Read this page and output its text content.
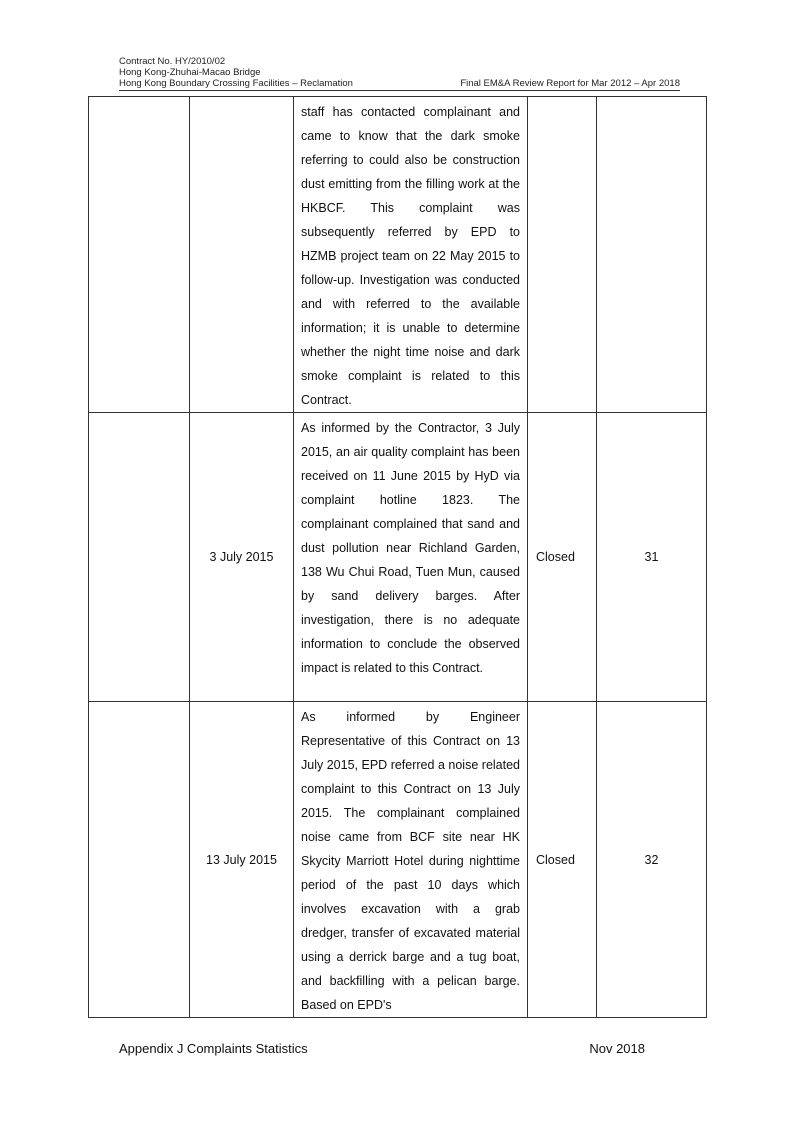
Contract No. HY/2010/02
Hong Kong-Zhuhai-Macao Bridge
Hong Kong Boundary Crossing Facilities – Reclamation	Final EM&A Review Report for Mar 2012 – Apr 2018

		staff has contacted complainant and came to know that the dark smoke referring to could also be construction dust emitting from the filling work at the HKBCF. This complaint was subsequently referred by EPD to HZMB project team on 22 May 2015 to follow-up. Investigation was conducted and with referred to the available information; it is unable to determine whether the night time noise and dark smoke complaint is related to this Contract.		

	3 July 2015	As informed by the Contractor, 3 July 2015, an air quality complaint has been received on 11 June 2015 by HyD via complaint hotline 1823. The complainant complained that sand and dust pollution near Richland Garden, 138 Wu Chui Road, Tuen Mun, caused by sand delivery barges. After investigation, there is no adequate information to conclude the observed impact is related to this Contract.	Closed	31
	13 July 2015	As informed by Engineer Representative of this Contract on 13 July 2015, EPD referred a noise related complaint to this Contract on 13 July 2015. The complainant complained noise came from BCF site near HK Skycity Marriott Hotel during nighttime period of the past 10 days which involves excavation with a grab dredger, transfer of excavated material using a derrick barge and a tug boat, and backfilling with a pelican barge. Based on EPD's	Closed	32
Appendix J Complaints Statistics	Nov 2018
